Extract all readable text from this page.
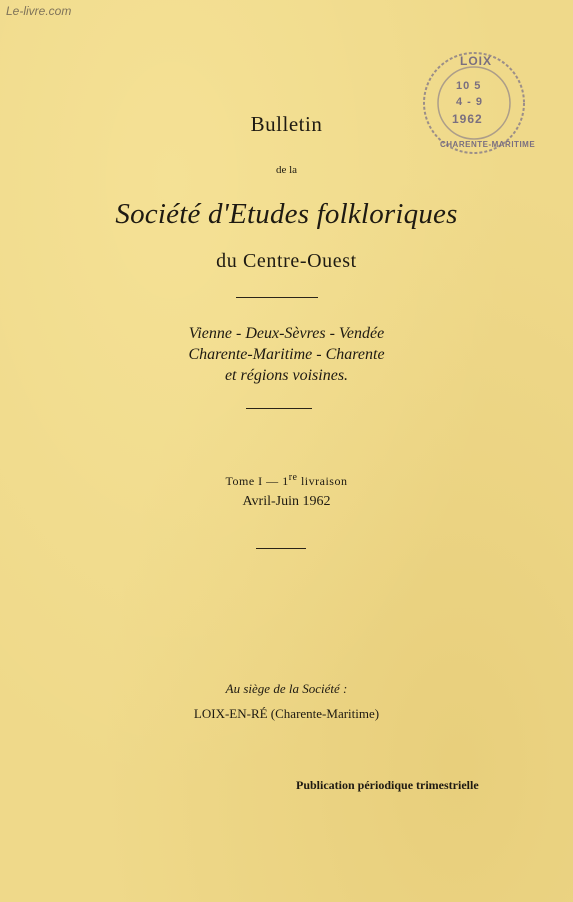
Le-livre.com
LOIX
10 5
4 - 9
1962
CHARENTE-MARITIME
Bulletin
de la
Société d'Etudes folkloriques
du Centre-Ouest
Vienne - Deux-Sèvres - Vendée
Charente-Maritime - Charente
et régions voisines.
Tome I — 1re livraison
Avril-Juin 1962
Au siège de la Société :
LOIX-EN-RÉ (Charente-Maritime)
Publication périodique trimestrielle
